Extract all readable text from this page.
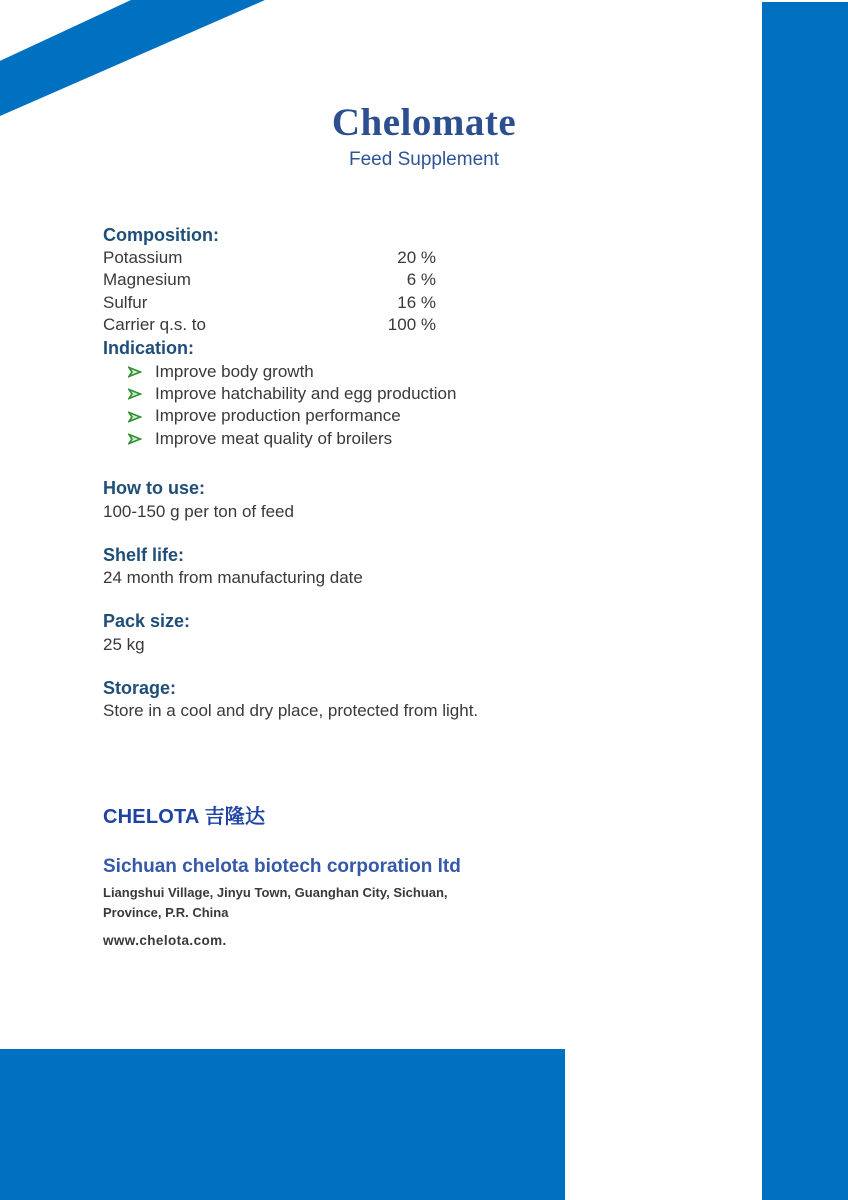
Chelomate
Feed Supplement
Composition:
Potassium	20 %
Magnesium	6 %
Sulfur	16 %
Carrier q.s. to	100 %
Indication:
Improve body growth
Improve hatchability and egg production
Improve production performance
Improve meat quality of broilers
How to use:
100-150 g per ton of feed
Shelf life:
24 month from manufacturing date
Pack size:
25 kg
Storage:
Store in a cool and dry place, protected from light.
CHELOTA 吉隆达
Sichuan chelota biotech corporation ltd
Liangshui Village, Jinyu Town, Guanghan City, Sichuan,
Province, P.R. China
www.chelota.com.
